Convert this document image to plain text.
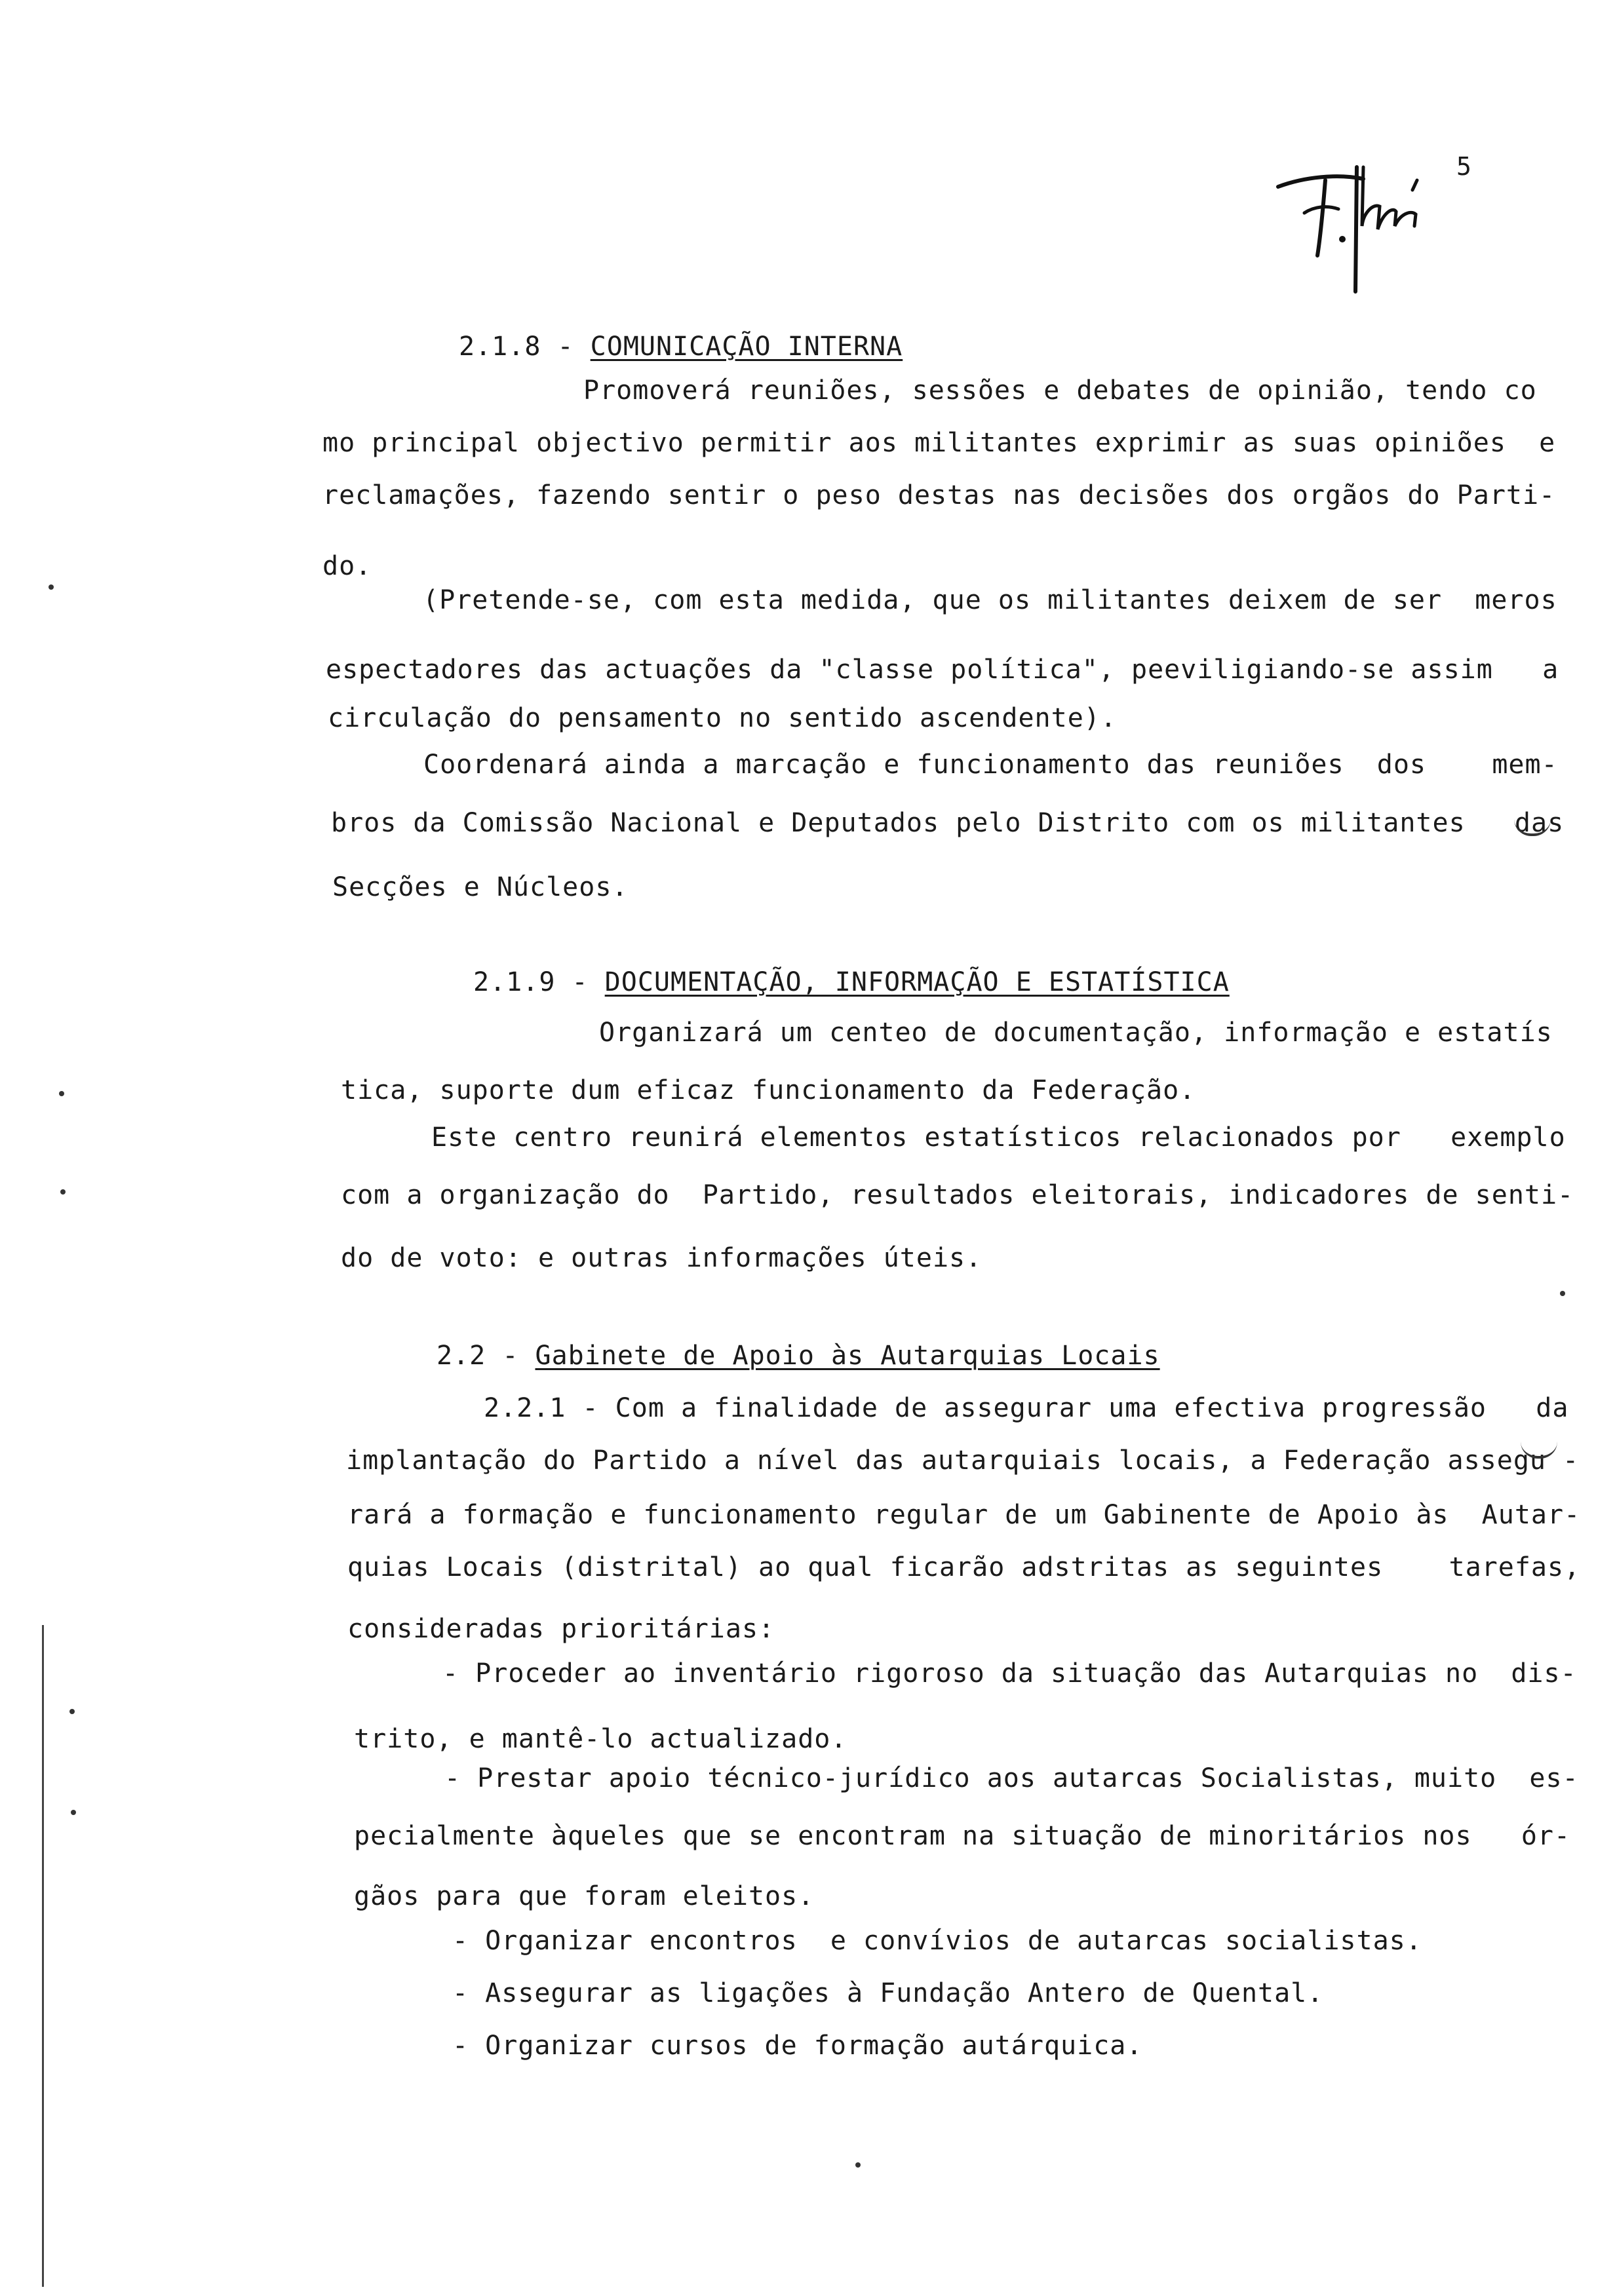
5
2.1.8 - COMUNICAÇÃO INTERNA
Promoverá reuniões, sessões e debates de opinião, tendo co
mo principal objectivo permitir aos militantes exprimir as suas opiniões  e
reclamações, fazendo sentir o peso destas nas decisões dos orgãos do Parti-
do.
(Pretende-se, com esta medida, que os militantes deixem de ser  meros
espectadores das actuações da "classe política", peeviligiando-se assim   a
circulação do pensamento no sentido ascendente).
Coordenará ainda a marcação e funcionamento das reuniões  dos    mem-
bros da Comissão Nacional e Deputados pelo Distrito com os militantes   das
Secções e Núcleos.
2.1.9 - DOCUMENTAÇÃO, INFORMAÇÃO E ESTATÍSTICA
Organizará um centeo de documentação, informação e estatís
tica, suporte dum eficaz funcionamento da Federação.
Este centro reunirá elementos estatísticos relacionados por   exemplo
com a organização do  Partido, resultados eleitorais, indicadores de senti-
do de voto: e outras informações úteis.
2.2 - Gabinete de Apoio às Autarquias Locais
2.2.1 - Com a finalidade de assegurar uma efectiva progressão   da
implantação do Partido a nível das autarquiais locais, a Federação assegu -
rará a formação e funcionamento regular de um Gabinente de Apoio às  Autar-
quias Locais (distrital) ao qual ficarão adstritas as seguintes    tarefas,
consideradas prioritárias:
- Proceder ao inventário rigoroso da situação das Autarquias no  dis-
trito, e mantê-lo actualizado.
- Prestar apoio técnico-jurídico aos autarcas Socialistas, muito  es-
pecialmente àqueles que se encontram na situação de minoritários nos   ór-
gãos para que foram eleitos.
- Organizar encontros  e convívios de autarcas socialistas.
- Assegurar as ligações à Fundação Antero de Quental.
- Organizar cursos de formação autárquica.
